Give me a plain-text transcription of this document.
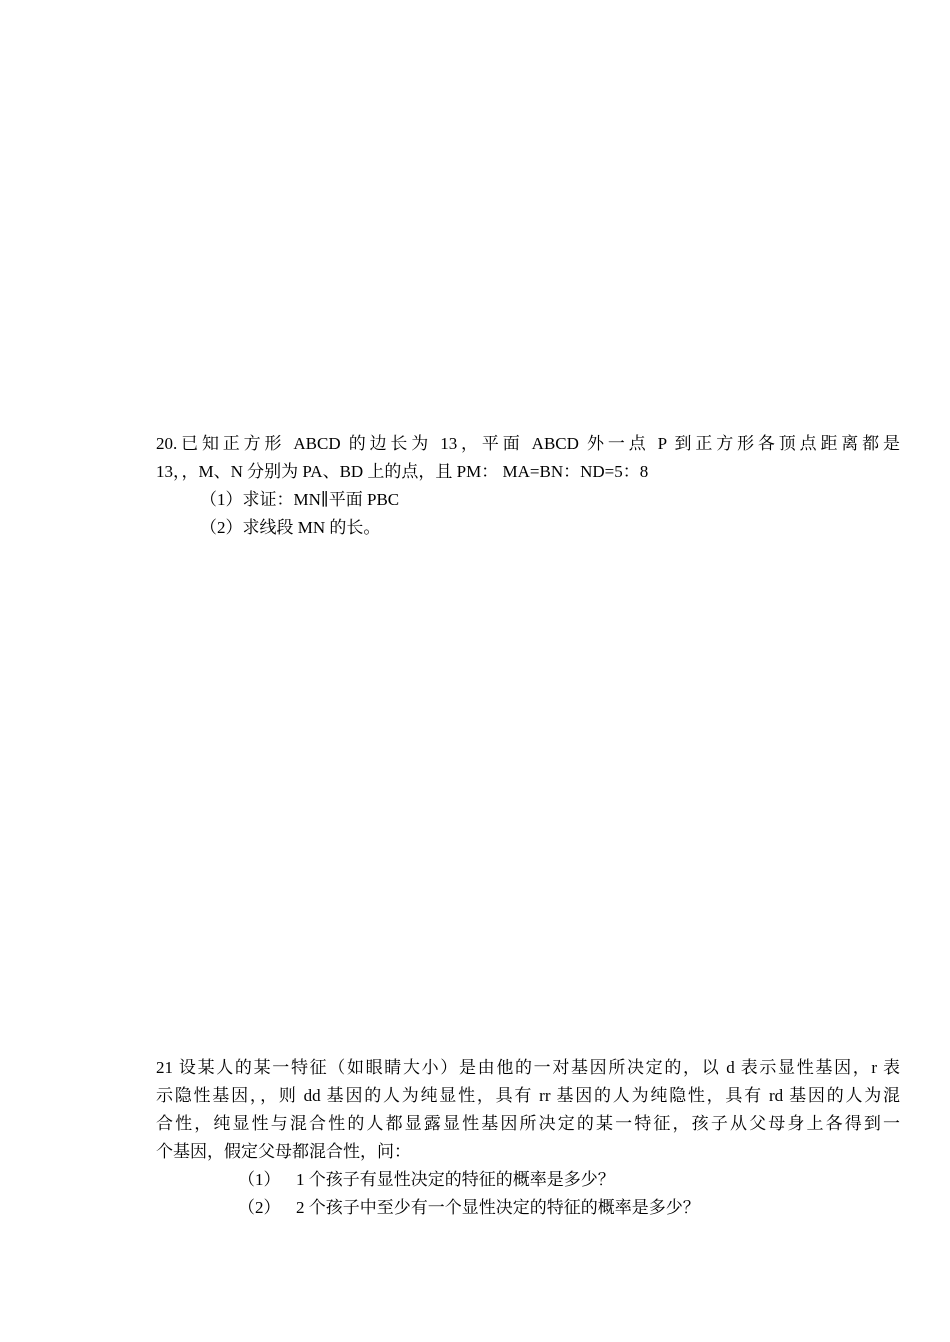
20.已知正方形 ABCD 的边长为 13，平面 ABCD 外一点 P 到正方形各顶点距离都是

13，，M、N 分别为 PA、BD 上的点，且 PM： MA=BN：ND=5：8

（1）求证：MN∥平面 PBC

（2）求线段 MN 的长。

21 设某人的某一特征（如眼睛大小）是由他的一对基因所决定的，以 d 表示显性基因，r 表
示隐性基因，，则 dd 基因的人为纯显性，具有 rr 基因的人为纯隐性，具有 rd 基因的人为混
合性，纯显性与混合性的人都显露显性基因所决定的某一特征，孩子从父母身上各得到一

个基因，假定父母都混合性，问：

（1） 1 个孩子有显性决定的特征的概率是多少？

（2） 2 个孩子中至少有一个显性决定的特征的概率是多少？
